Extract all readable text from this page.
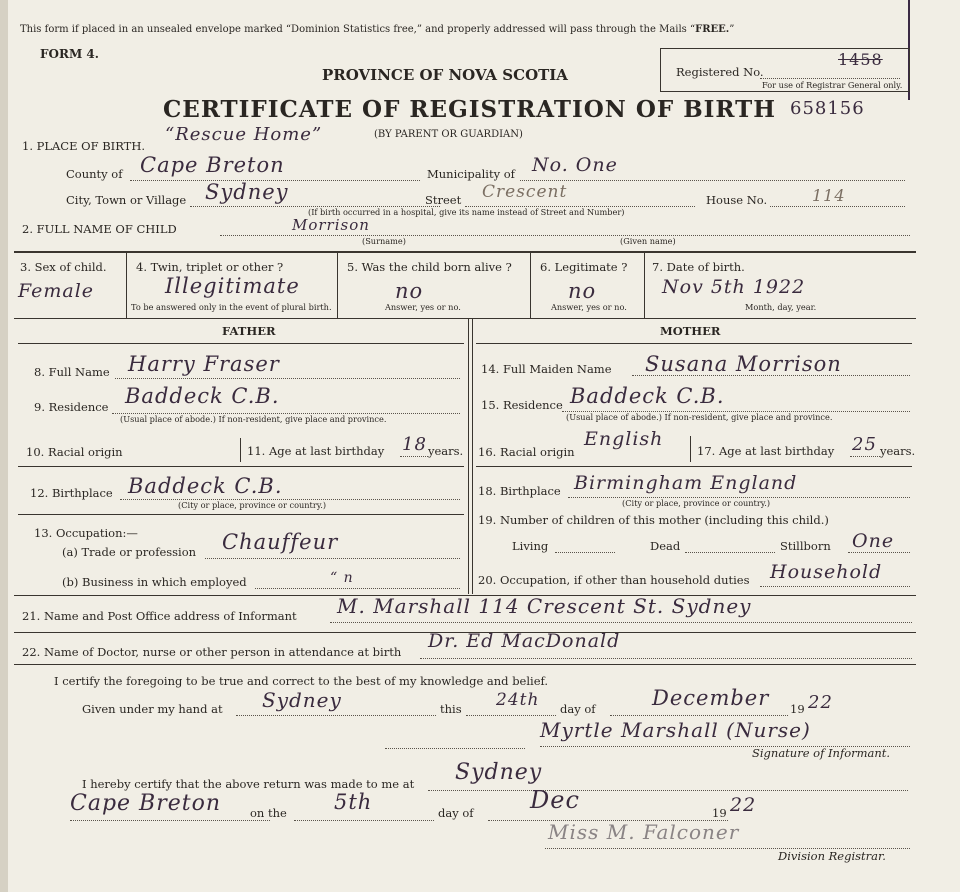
This form if placed in an unsealed envelope marked “Dominion Statistics free,” and properly addressed will pass through the Mails “FREE.”
FORM 4.
PROVINCE OF NOVA SCOTIA
CERTIFICATE OF REGISTRATION OF BIRTH
(BY PARENT OR GUARDIAN)
Registered No.
1458
For use of Registrar General only.
658156
1. PLACE OF BIRTH.
“Rescue Home”
County of Cape Breton	Municipality of No. One
City, Town or Village Sydney	Street Crescent
(If birth occurred in a hospital, give its name instead of Street and Number)
House No.	114
2. FULL NAME OF CHILD	Morrison
(Surname)	(Given name)
3. Sex of child.
Female
4. Twin, triplet or other ?
Illegitimate
To be answered only in the event of plural birth.
5. Was the child born alive ?
no
Answer, yes or no.
6. Legitimate ?
no
Answer, yes or no.
7. Date of birth.
Nov 5th 1922
Month, day, year.
FATHER	MOTHER
8. Full Name Harry Fraser
9. Residence Baddeck C.B.
(Usual place of abode.) If non-resident, give place and province.
10. Racial origin	11. Age at last birthday 18 years.
12. Birthplace Baddeck C.B.
(City or place, province or country.)
13. Occupation:—
(a) Trade or profession Chauffeur
(b) Business in which employed	“ n
14. Full Maiden Name Susana Morrison
15. Residence Baddeck C.B.
(Usual place of abode.) If non-resident, give place and province.
16. Racial origin
English
17. Age at last birthday 25 years.
18. Birthplace Birmingham England
(City or place, province or country.)
19. Number of children of this mother (including this child.)
Living	Dead	Stillborn One
20. Occupation, if other than household duties Household
21. Name and Post Office address of Informant M. Marshall 114 Crescent St. Sydney
22. Name of Doctor, nurse or other person in attendance at birth Dr. Ed MacDonald
I certify the foregoing to be true and correct to the best of my knowledge and belief.
Given under my hand at Sydney	this 24th day of	December 19 22
Myrtle Marshall (Nurse)
Signature of Informant.
I hereby certify that the above return was made to me at Sydney
Cape Breton	on the 5th	day of Dec	19 22
Miss M. Falconer
Division Registrar.
